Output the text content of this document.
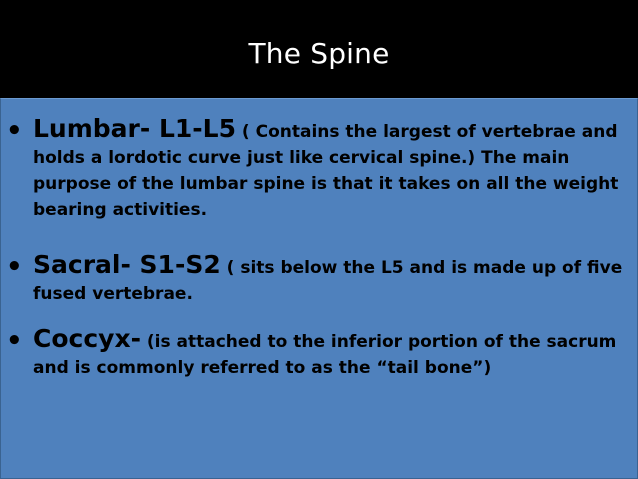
The Spine
• Lumbar- L1-L5 ( Contains the largest of vertebrae and holds a lordotic curve just like cervical spine.) The main purpose of the lumbar spine is that it takes on all the weight bearing activities.
• Sacral- S1-S2 ( sits below the L5 and is made up of five fused vertebrae.
• Coccyx- (is attached to the inferior portion of the sacrum and is commonly referred to as the “tail bone”)
